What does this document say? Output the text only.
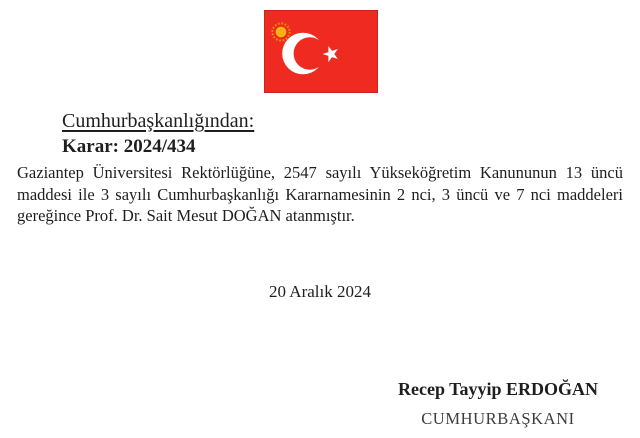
Cumhurbaşkanlığından:
Karar: 2024/434
Gaziantep Üniversitesi Rektörlüğüne, 2547 sayılı Yükseköğretim Kanununun 13 üncü
maddesi ile 3 sayılı Cumhurbaşkanlığı Kararnamesinin 2 nci, 3 üncü ve 7 nci maddeleri
gereğince Prof. Dr. Sait Mesut DOĞAN atanmıştır.
20 Aralık 2024
Recep Tayyip ERDOĞAN
CUMHURBAŞKANI
